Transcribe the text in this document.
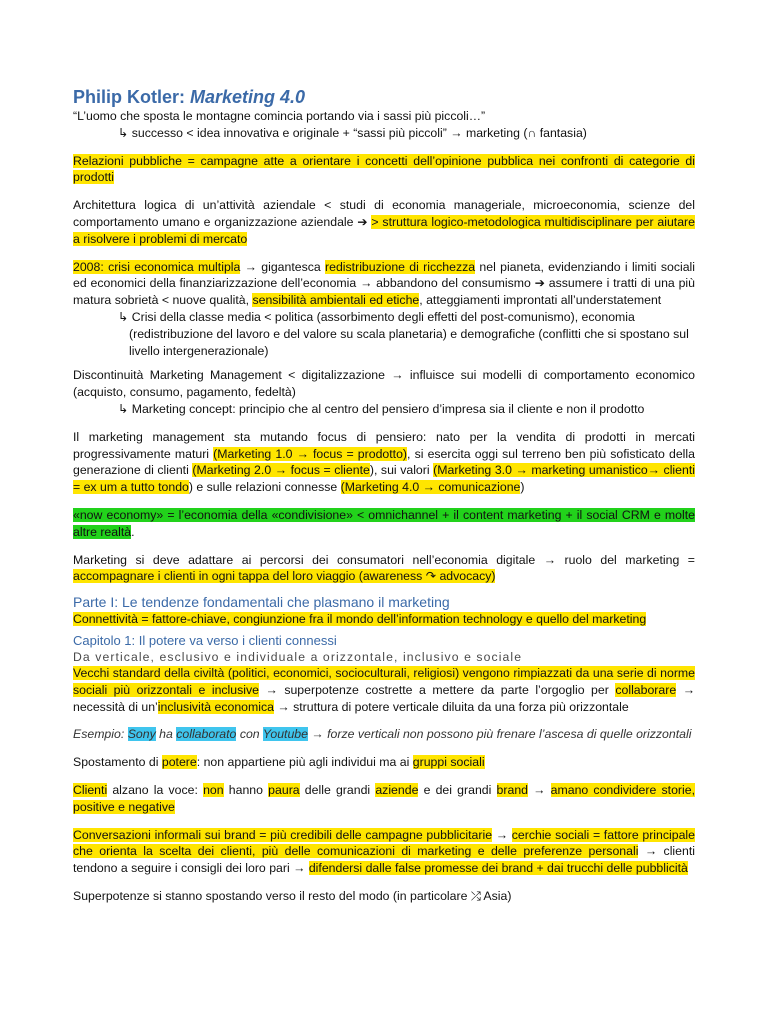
Philip Kotler: Marketing 4.0

“L’uomo che sposta le montagne comincia portando via i sassi più piccoli…”

↳ successo < idea innovativa e originale + “sassi più piccoli” → marketing (∩ fantasia)

Relazioni pubbliche = campagne atte a orientare i concetti dell’opinione pubblica nei confronti di categorie di prodotti

Architettura logica di un’attività aziendale < studi di economia manageriale, microeconomia, scienze del comportamento umano e organizzazione aziendale ➔ > struttura logico-metodologica multidisciplinare per aiutare a risolvere i problemi di mercato

2008: crisi economica multipla → gigantesca redistribuzione di ricchezza nel pianeta, evidenziando i limiti sociali ed economici della finanziarizzazione dell’economia → abbandono del consumismo ➔ assumere i tratti di una più matura sobrietà < nuove qualità, sensibilità ambientali ed etiche, atteggiamenti improntati all’understatement

↳ Crisi della classe media < politica (assorbimento degli effetti del post-comunismo), economia (redistribuzione del lavoro e del valore su scala planetaria) e demografiche (conflitti che si spostano sul livello intergenerazionale)

Discontinuità Marketing Management < digitalizzazione → influisce sui modelli di comportamento economico (acquisto, consumo, pagamento, fedeltà)

↳ Marketing concept: principio che al centro del pensiero d’impresa sia il cliente e non il prodotto

Il marketing management sta mutando focus di pensiero: nato per la vendita di prodotti in mercati progressivamente maturi (Marketing 1.0 → focus = prodotto), si esercita oggi sul terreno ben più sofisticato della generazione di clienti (Marketing 2.0 → focus = cliente), sui valori (Marketing 3.0 → marketing umanistico→ clienti = ex um a tutto tondo) e sulle relazioni connesse (Marketing 4.0 → comunicazione)

«now economy» = l’economia della «condivisione» < omnichannel + il content marketing + il social CRM e molte altre realtà.

Marketing si deve adattare ai percorsi dei consumatori nell’economia digitale → ruolo del marketing = accompagnare i clienti in ogni tappa del loro viaggio (awareness ↷ advocacy)

Parte I: Le tendenze fondamentali che plasmano il marketing

Connettività = fattore-chiave, congiunzione fra il mondo dell’information technology e quello del marketing

Capitolo 1: Il potere va verso i clienti connessi
Da verticale, esclusivo e individuale a orizzontale, inclusivo e sociale

Vecchi standard della civiltà (politici, economici, socioculturali, religiosi) vengono rimpiazzati da una serie di norme sociali più orizzontali e inclusive → superpotenze costrette a mettere da parte l’orgoglio per collaborare → necessità di un’inclusività economica → struttura di potere verticale diluita da una forza più orizzontale

Esempio: Sony ha collaborato con Youtube → forze verticali non possono più frenare l’ascesa di quelle orizzontali

Spostamento di potere: non appartiene più agli individui ma ai gruppi sociali

Clienti alzano la voce: non hanno paura delle grandi aziende e dei grandi brand → amano condividere storie, positive e negative

Conversazioni informali sui brand = più credibili delle campagne pubblicitarie → cerchie sociali = fattore principale che orienta la scelta dei clienti, più delle comunicazioni di marketing e delle preferenze personali → clienti tendono a seguire i consigli dei loro pari → difendersi dalle false promesse dei brand + dai trucchi delle pubblicità

Superpotenze si stanno spostando verso il resto del modo (in particolare ⤮ Asia)
